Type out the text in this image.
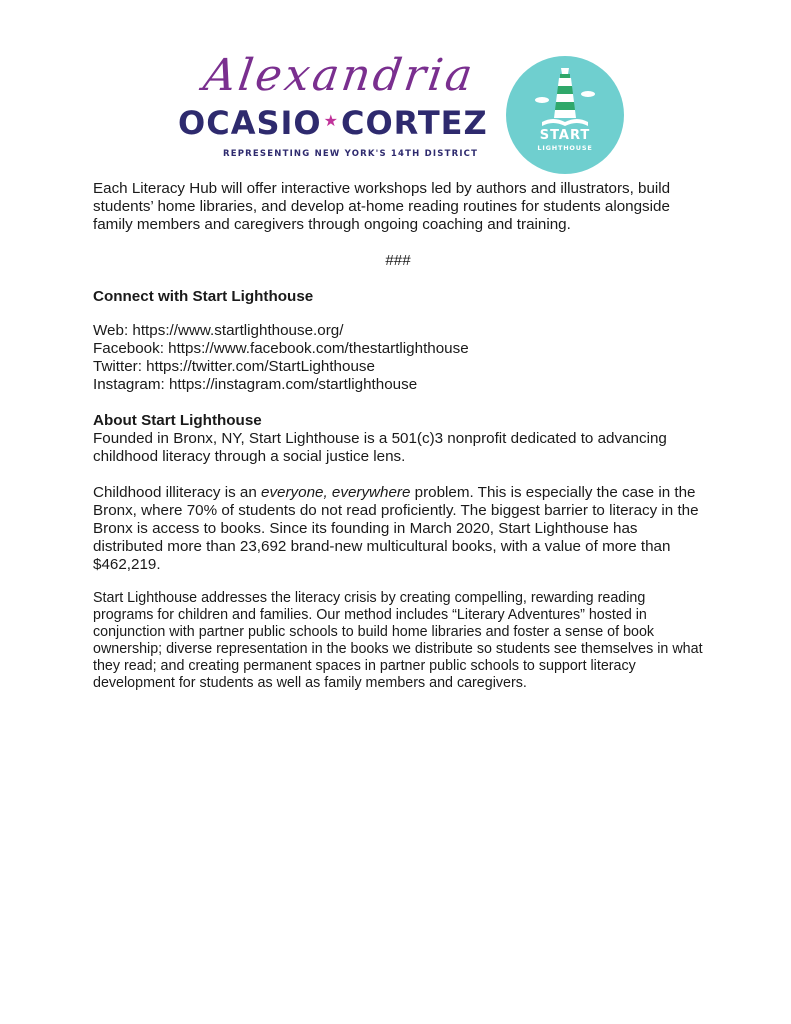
Alexandria
OCASIO ★CORTEZ
REPRESENTING NEW YORK'S 14TH DISTRICT
START
LIGHTHOUSE
Each Literacy Hub will offer interactive workshops led by authors and illustrators, build students’ home libraries, and develop at-home reading routines for students alongside family members and caregivers through ongoing coaching and training.
###
Connect with Start Lighthouse
Web: https://www.startlighthouse.org/
Facebook: https://www.facebook.com/thestartlighthouse
Twitter: https://twitter.com/StartLighthouse
Instagram: https://instagram.com/startlighthouse
About Start Lighthouse
Founded in Bronx, NY, Start Lighthouse is a 501(c)3 nonprofit dedicated to advancing childhood literacy through a social justice lens.
Childhood illiteracy is an everyone, everywhere problem. This is especially the case in the Bronx, where 70% of students do not read proficiently. The biggest barrier to literacy in the Bronx is access to books. Since its founding in March 2020, Start Lighthouse has distributed more than 23,692 brand-new multicultural books, with a value of more than $462,219.
Start Lighthouse addresses the literacy crisis by creating compelling, rewarding reading programs for children and families. Our method includes “Literary Adventures” hosted in conjunction with partner public schools to build home libraries and foster a sense of book ownership; diverse representation in the books we distribute so students see themselves in what they read; and creating permanent spaces in partner public schools to support literacy development for students as well as family members and caregivers.
